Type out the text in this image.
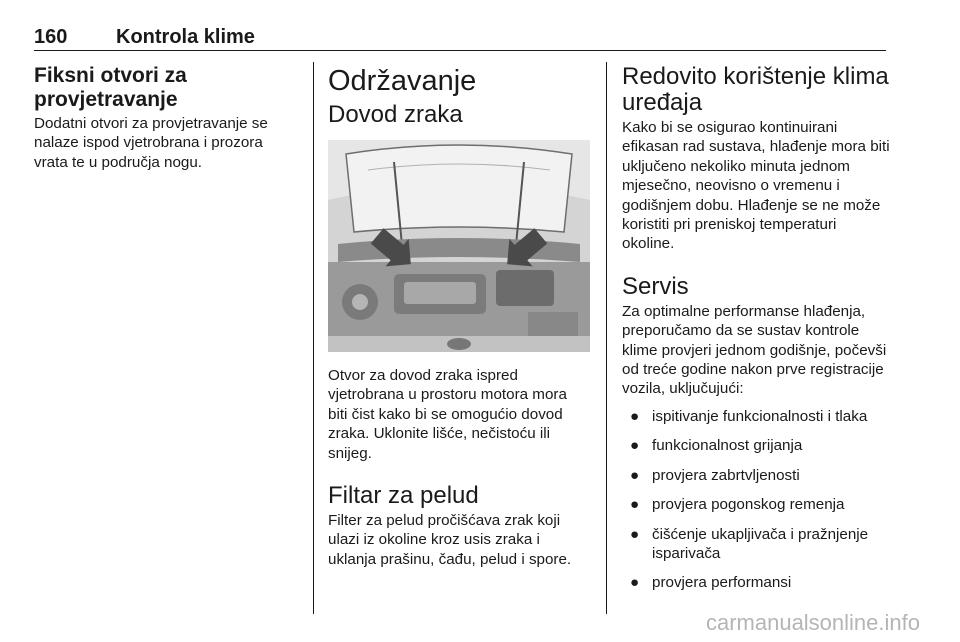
160 Kontrola klime
Fiksni otvori za provjetravanje

Dodatni otvori za provjetravanje se nalaze ispod vjetrobrana i prozora vrata te u područja nogu.

Održavanje
Dovod zraka

Otvor za dovod zraka ispred vjetrobrana u prostoru motora mora biti čist kako bi se omogućio dovod zraka. Uklonite lišće, nečistoću ili snijeg.

Filtar za pelud

Filter za pelud pročišćava zrak koji ulazi iz okoline kroz usis zraka i uklanja prašinu, čađu, pelud i spore.

Redovito korištenje klima uređaja

Kako bi se osigurao kontinuirani efikasan rad sustava, hlađenje mora biti uključeno nekoliko minuta jednom mjesečno, neovisno o vremenu i godišnjem dobu. Hlađenje se ne može koristiti pri preniskoj temperaturi okoline.

Servis

Za optimalne performanse hlađenja, preporučamo da se sustav kontrole klime provjeri jednom godišnje, počevši od treće godine nakon prve registracije vozila, uključujući:

● ispitivanje funkcionalnosti i tlaka
● funkcionalnost grijanja
● provjera zabrtvljenosti
● provjera pogonskog remenja
● čišćenje ukapljivača i pražnjenje isparivača
● provjera performansi
carmanualsonline.info
